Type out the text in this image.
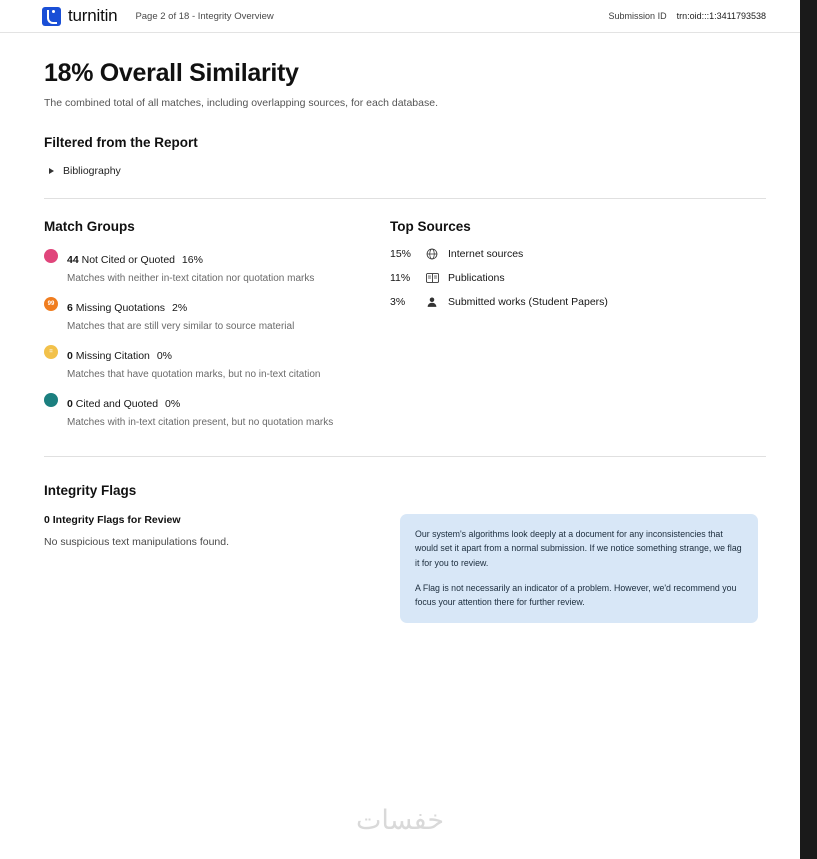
turnitin Page 2 of 18 - Integrity Overview	Submission ID trn:oid:::1:3411793538
18% Overall Similarity

The combined total of all matches, including overlapping sources, for each database.

Filtered from the Report
Bibliography
Match Groups
44 Not Cited or Quoted 16%
Matches with neither in-text citation nor quotation marks
99	6 Missing Quotations 2%
Matches that are still very similar to source material
=	0 Missing Citation 0%
Matches that have quotation marks, but no in-text citation
0 Cited and Quoted 0%
Matches with in-text citation present, but no quotation marks
Top Sources
15%	Internet sources
11%	Publications
3%	Submitted works (Student Papers)
Integrity Flags

0 Integrity Flags for Review

No suspicious text manipulations found.

Our system's algorithms look deeply at a document for any inconsistencies that would set it apart from a normal submission. If we notice something strange, we flag it for you to review.

A Flag is not necessarily an indicator of a problem. However, we'd recommend you focus your attention there for further review.

خفسات
